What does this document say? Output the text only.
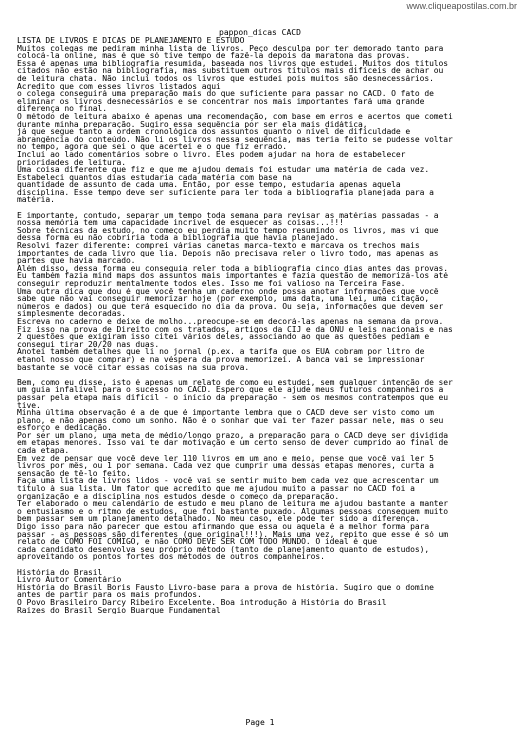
www.cliqueapostilas.com.br
pappon_dicas CACD
LISTA DE LIVROS E DICAS DE PLANEJAMENTO E ESTUDO
Muitos colegas me pediram minha lista de livros. Peço desculpa por ter demorado tanto para
colocá-la online, mas é que só tive tempo de fazê-la depois da maratona das provas.
Essa é apenas uma bibliografia resumida, baseada nos livros que estudei. Muitos dos títulos
citados não estão na bibliografia, mas substituem outros títulos mais difíceis de achar ou
de leitura chata. Não incluí todos os livros que estudei pois muitos são desnecessários.
Acredito que com esses livros listados aqui
o colega conseguirá uma preparação mais do que suficiente para passar no CACD. O fato de
eliminar os livros desnecessários e se concentrar nos mais importantes fará uma grande
diferença no final.
O método de leitura abaixo é apenas uma recomendação, com base em erros e acertos que cometi
durante minha preparação. Sugiro essa sequência por ser ela mais didática,
já que segue tanto a ordem cronológica dos assuntos quanto o nível de dificuldade e
abrangência do conteúdo. Não li os livros nessa sequência, mas teria feito se pudesse voltar
no tempo, agora que sei o que acertei e o que fiz errado.
Incluí ao lado comentários sobre o livro. Eles podem ajudar na hora de estabelecer
prioridades de leitura.
Uma coisa diferente que fiz e que me ajudou demais foi estudar uma matéria de cada vez.
Estabeleci quantos dias estudaria cada matéria com base na
quantidade de assunto de cada uma. Então, por esse tempo, estudaria apenas aquela
disciplina. Esse tempo deve ser suficiente para ler toda a bibliografia planejada para a
matéria.
É importante, contudo, separar um tempo toda semana para revisar as matérias passadas - a
nossa memória tem uma capacidade incrível de esquecer as coisas...!!!
Sobre técnicas da estudo, no começo eu perdia muito tempo resumindo os livros, mas vi que
dessa forma eu não cobriria toda a bibliografia que havia planejado.
Resolvi fazer diferente: comprei várias canetas marca-texto e marcava os trechos mais
importantes de cada livro que lia. Depois não precisava reler o livro todo, mas apenas as
partes que havia marcado.
Além disso, dessa forma eu conseguia reler toda a bibliografia cinco dias antes das provas.
Eu também fazia mind maps dos assuntos mais importantes e fazia questão de memorizá-los até
conseguir reproduzir mentalmente todos eles. Isso me foi valioso na Terceira Fase.
Uma outra dica que dou é que você tenha um caderno onde possa anotar informações que você
sabe que não vai conseguir memorizar hoje (por exemplo, uma data, uma lei, uma citação,
números e dados) ou que terá esquecido no dia da prova. Ou seja, informações que devem ser
simplesmente decoradas.
Escreva no caderno e deixe de molho...preocupe-se em decorá-las apenas na semana da prova.
Fiz isso na prova de Direito com os tratados, artigos da CIJ e da ONU e leis nacionais e nas
2 questões que exigiram isso citei vários deles, associando ao que as questões pediam e
consegui tirar 20/20 nas duas.
Anotei também detalhes que li no jornal (p.ex. a tarifa que os EUA cobram por litro de
etanol nosso que comprar) e na véspera da prova memorizei. A banca vai se impressionar
bastante se você citar essas coisas na sua prova.
Bem, como eu disse, isto é apenas um relato de como eu estudei, sem qualquer intenção de ser
um guia infalível para o sucesso no CACD. Espero que ele ajude meus futuros companheiros a
passar pela etapa mais difícil - o início da preparação - sem os mesmos contratempos que eu
tive.
Minha última observação é a de que é importante lembra que o CACD deve ser visto como um
plano, e não apenas como um sonho. Não é o sonhar que vai ter fazer passar nele, mas o seu
esforço e dedicação.
Por ser um plano, uma meta de médio/longo prazo, a preparação para o CACD deve ser dividida
em etapas menores. Isso vai te dar motivação e um certo senso de dever cumprido ao final de
cada etapa.
Em vez de pensar que você deve ler 110 livros em um ano e meio, pense que você vai ler 5
livros por mês, ou 1 por semana. Cada vez que cumprir uma dessas etapas menores, curta a
sensação de tê-lo feito.
Faça uma lista de livros lidos - você vai se sentir muito bem cada vez que acrescentar um
título à sua lista. Um fator que acredito que me ajudou muito a passar no CACD foi a
organização e a disciplina nos estudos desde o começo da preparação.
Ter elaborado o meu calendário de estudo e meu plano de leitura me ajudou bastante a manter
o entusiasmo e o ritmo de estudos, que foi bastante puxado. Algumas pessoas conseguem muito
bem passar sem um planejamento detalhado. No meu caso, ele pode ter sido a diferença.
Digo isso para não parecer que estou afirmando que essa ou aquela é a melhor forma para
passar - as pessoas são diferentes (que original!!!). Mais uma vez, repito que esse é só um
relato de COMO FOI COMIGO, e não COMO DEVE SER COM TODO MUNDO. O ideal é que
cada candidato desenvolva seu próprio método (tanto de planejamento quanto de estudos),
aproveitando os pontos fortes dos métodos de outros companheiros.
História do Brasil
Livro Autor Comentário
História do Brasil Boris Fausto Livro-base para a prova de história. Sugiro que o domine
antes de partir para os mais profundos.
O Povo Brasileiro Darcy Ribeiro Excelente. Boa introdução à História do Brasil
Raízes do Brasil Sergio Buarque Fundamental
Page 1
